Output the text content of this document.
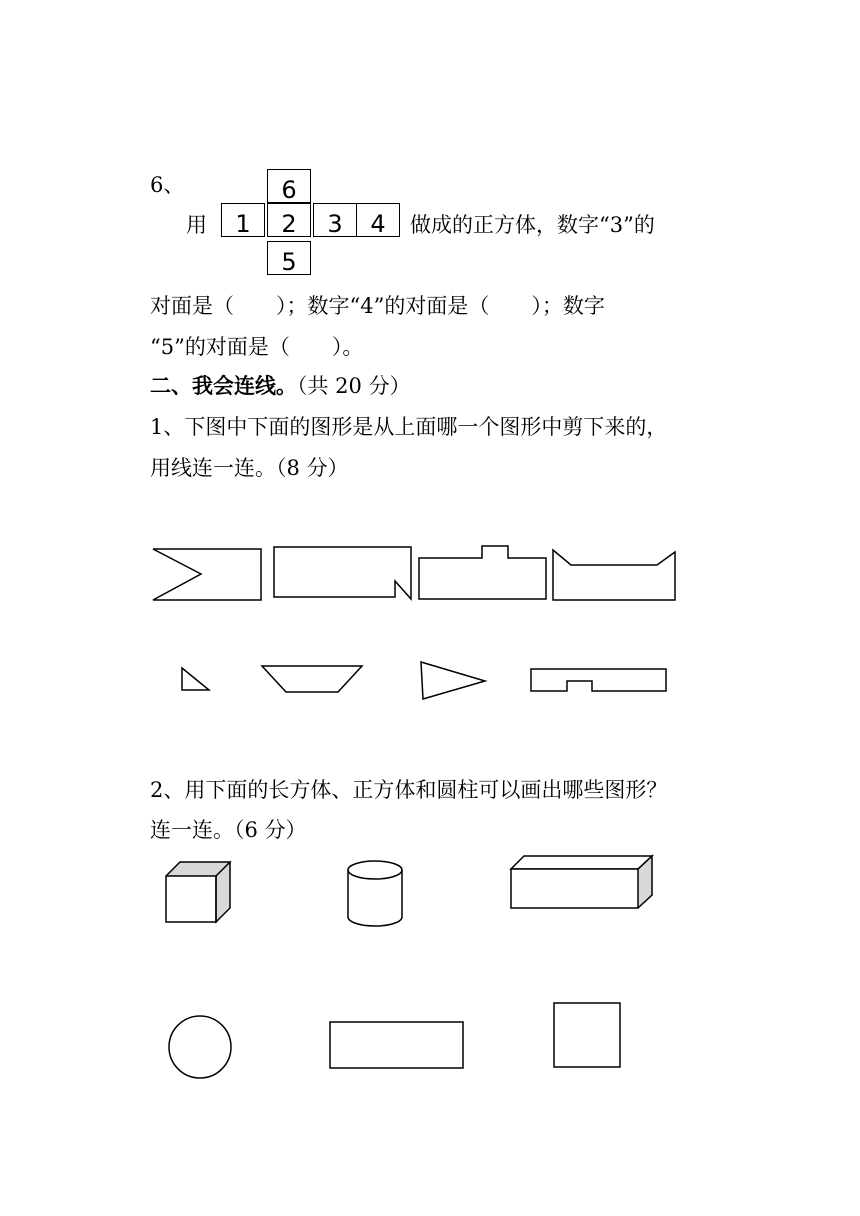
6、
用
6
1	2	3	4
5
做成的正方体，数字“3”的
对面是（　　）；数字“4”的对面是（　　）；数字
“5”的对面是（　　）。
二、我会连线。（共 20 分）
1、下图中下面的图形是从上面哪一个图形中剪下来的，
用线连一连。（8 分）
2、用下面的长方体、正方体和圆柱可以画出哪些图形？
连一连。（6 分）
